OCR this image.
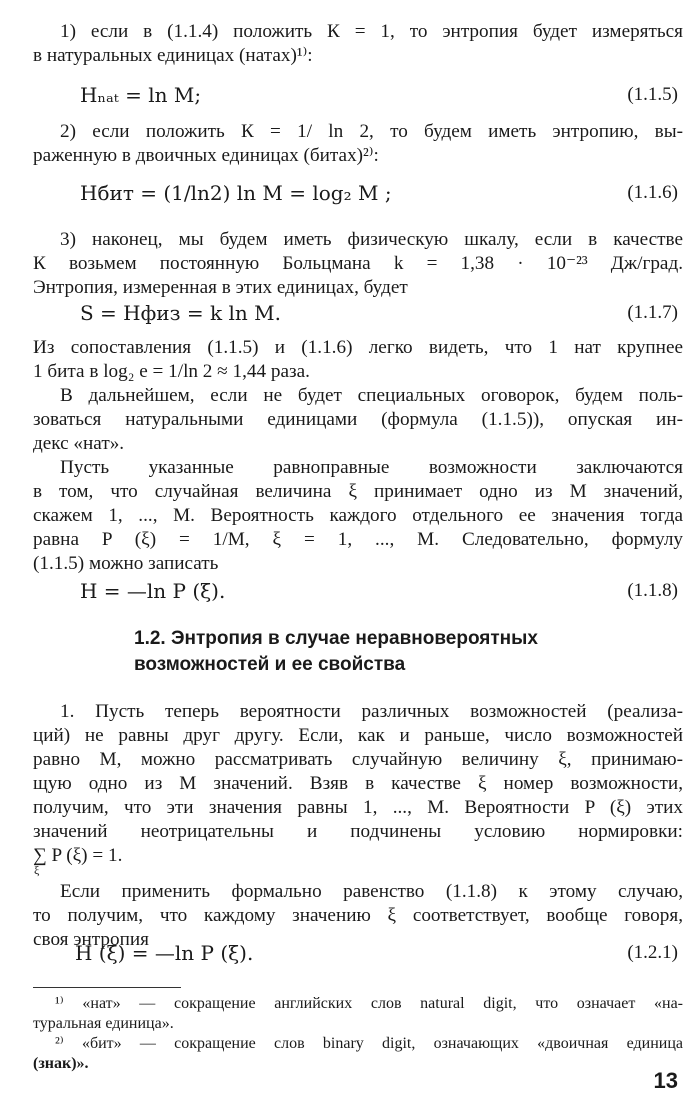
1) если в (1.1.4) положить К = 1, то энтропия будет измеряться
в натуральных единицах (натах)¹⁾:
Hₙₐₜ = ln M;	(1.1.5)
2) если положить К = 1/ ln 2, то будем иметь энтропию, вы-
раженную в двоичных единицах (битах)²⁾:
Hбит = (1/ln2) ln M = log₂ M ;	(1.1.6)
3) наконец, мы будем иметь физическую шкалу, если в качестве
К возьмем постоянную Больцмана k = 1,38 · 10⁻²³ Дж/град.
Энтропия, измеренная в этих единицах, будет
S = Hфиз = k ln M.	(1.1.7)
Из сопоставления (1.1.5) и (1.1.6) легко видеть, что 1 нат крупнее
1 бита в log₂ e = 1/ln 2 ≈ 1,44 раза.
В дальнейшем, если не будет специальных оговорок, будем поль-
зоваться натуральными единицами (формула (1.1.5)), опуская ин-
декс «нат».
Пусть указанные равноправные возможности заключаются
в том, что случайная величина ξ принимает одно из M значений,
скажем 1, ..., M. Вероятность каждого отдельного ее значения тогда
равна P (ξ) = 1/M, ξ = 1, ..., M. Следовательно, формулу
(1.1.5) можно записать
H = —ln P (ξ).	(1.1.8)
1.2. Энтропия в случае неравновероятных
возможностей и ее свойства
1. Пусть теперь вероятности различных возможностей (реализа-
ций) не равны друг другу. Если, как и раньше, число возможностей
равно M, можно рассматривать случайную величину ξ, принимаю-
щую одно из M значений. Взяв в качестве ξ номер возможности,
получим, что эти значения равны 1, ..., M. Вероятности P (ξ) этих
значений неотрицательны и подчинены условию нормировки:
∑ P (ξ) = 1.
ξ
Если применить формально равенство (1.1.8) к этому случаю,
то получим, что каждому значению ξ соответствует, вообще говоря,
своя энтропия
H (ξ) = —ln P (ξ).	(1.2.1)
¹⁾ «нат» — сокращение английских слов natural digit, что означает «на-
туральная единица».
²⁾ «бит» — сокращение слов binary digit, означающих «двоичная единица
(знак)».
13
